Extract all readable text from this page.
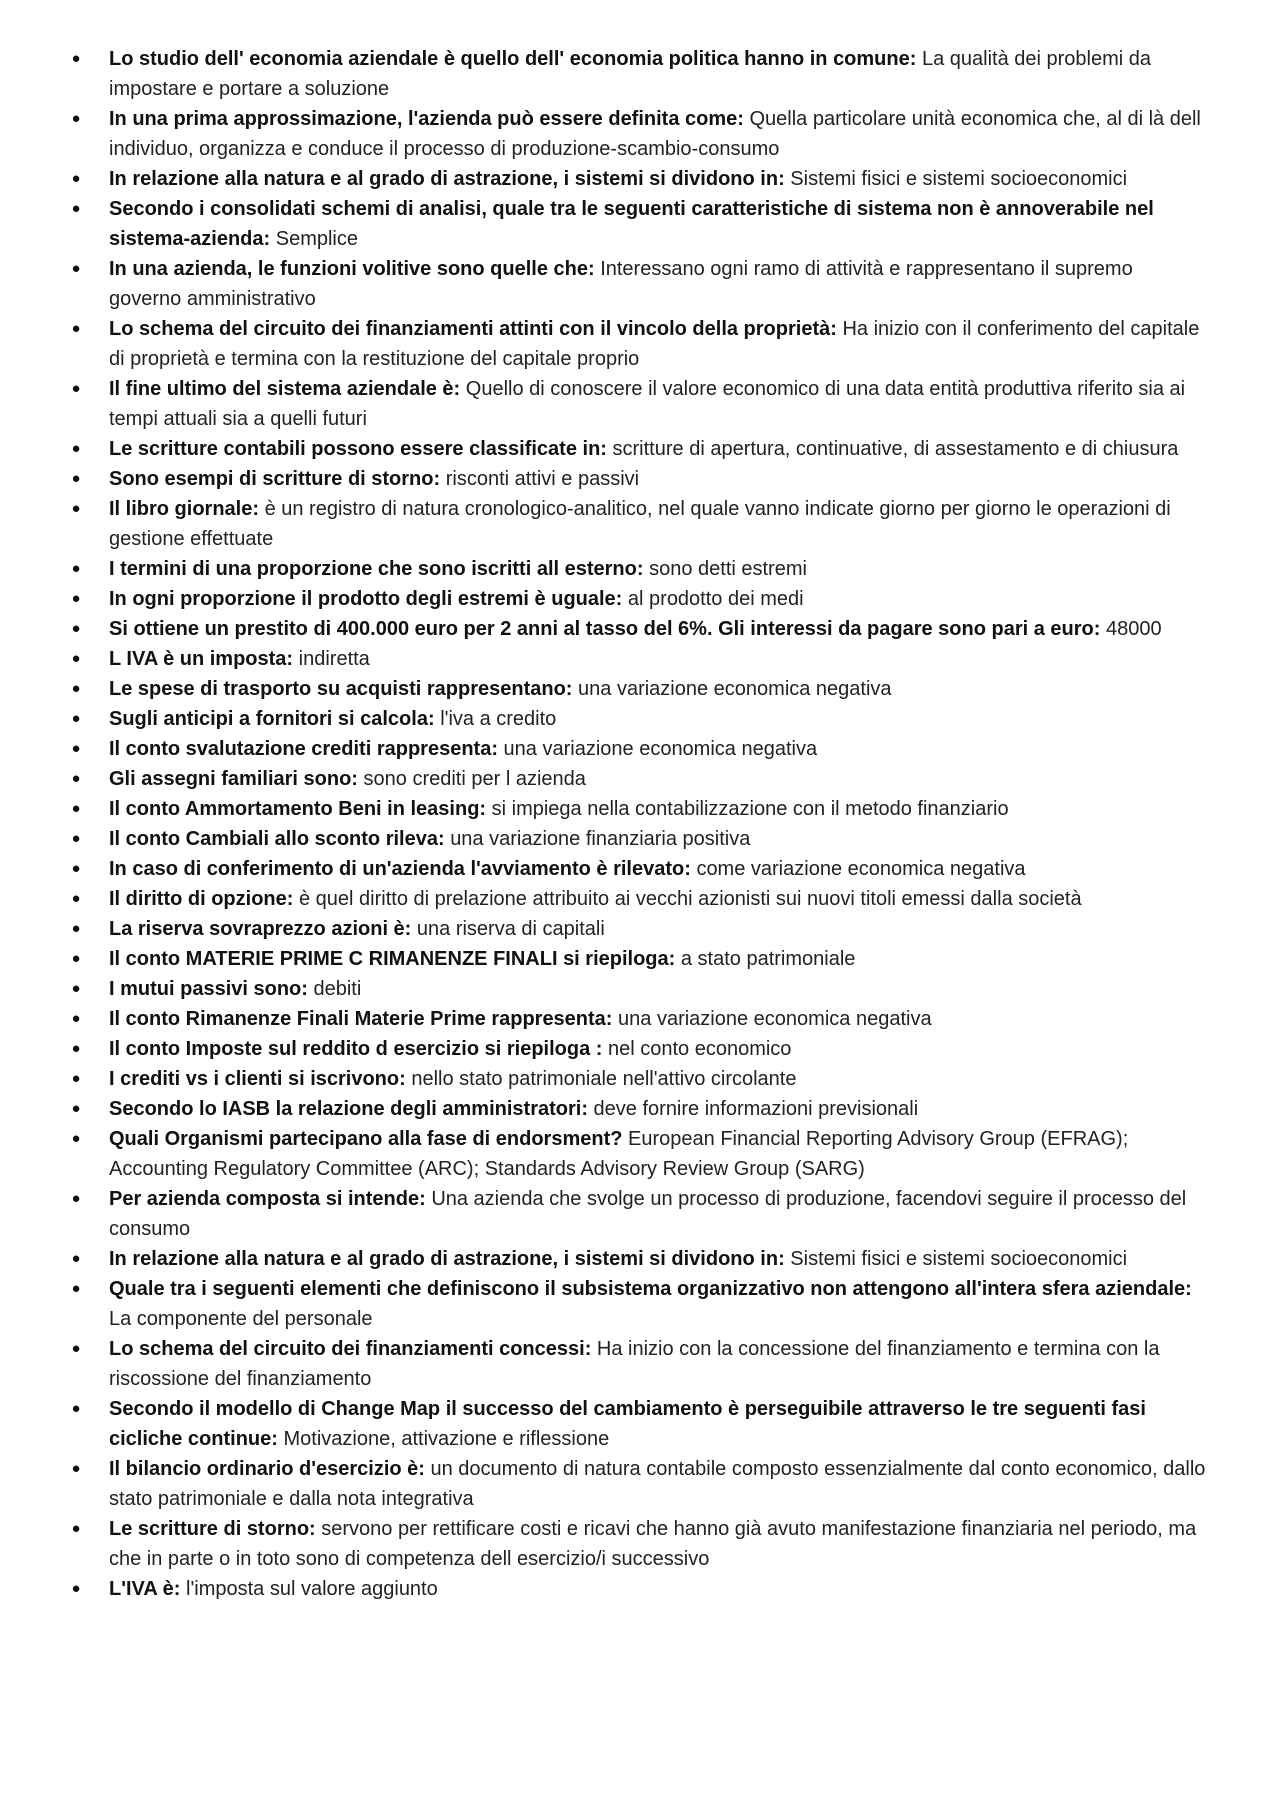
● Lo studio dell' economia aziendale è quello dell' economia politica hanno in comune: La qualità dei problemi da impostare e portare a soluzione
● In una prima approssimazione, l'azienda può essere definita come: Quella particolare unità economica che, al di là dell individuo, organizza e conduce il processo di produzione-scambio-consumo
● In relazione alla natura e al grado di astrazione, i sistemi si dividono in: Sistemi fisici e sistemi socioeconomici
● Secondo i consolidati schemi di analisi, quale tra le seguenti caratteristiche di sistema non è annoverabile nel sistema-azienda: Semplice
● In una azienda, le funzioni volitive sono quelle che: Interessano ogni ramo di attività e rappresentano il supremo governo amministrativo
● Lo schema del circuito dei finanziamenti attinti con il vincolo della proprietà: Ha inizio con il conferimento del capitale di proprietà e termina con la restituzione del capitale proprio
● Il fine ultimo del sistema aziendale è: Quello di conoscere il valore economico di una data entità produttiva riferito sia ai tempi attuali sia a quelli futuri
● Le scritture contabili possono essere classificate in: scritture di apertura, continuative, di assestamento e di chiusura
● Sono esempi di scritture di storno: risconti attivi e passivi
● Il libro giornale: è un registro di natura cronologico-analitico, nel quale vanno indicate giorno per giorno le operazioni di gestione effettuate
● I termini di una proporzione che sono iscritti all esterno: sono detti estremi
● In ogni proporzione il prodotto degli estremi è uguale: al prodotto dei medi
● Si ottiene un prestito di 400.000 euro per 2 anni al tasso del 6%. Gli interessi da pagare sono pari a euro: 48000
● L IVA è un imposta: indiretta
● Le spese di trasporto su acquisti rappresentano: una variazione economica negativa
● Sugli anticipi a fornitori si calcola: l'iva a credito
● Il conto svalutazione crediti rappresenta: una variazione economica negativa
● Gli assegni familiari sono: sono crediti per l azienda
● Il conto Ammortamento Beni in leasing: si impiega nella contabilizzazione con il metodo finanziario
● Il conto Cambiali allo sconto rileva: una variazione finanziaria positiva
● In caso di conferimento di un'azienda l'avviamento è rilevato: come variazione economica negativa
● Il diritto di opzione: è quel diritto di prelazione attribuito ai vecchi azionisti sui nuovi titoli emessi dalla società
● La riserva sovraprezzo azioni è: una riserva di capitali
● Il conto MATERIE PRIME C RIMANENZE FINALI si riepiloga: a stato patrimoniale
● I mutui passivi sono: debiti
● Il conto Rimanenze Finali Materie Prime rappresenta: una variazione economica negativa
● Il conto Imposte sul reddito d esercizio si riepiloga : nel conto economico
● I crediti vs i clienti si iscrivono: nello stato patrimoniale nell'attivo circolante
● Secondo lo IASB la relazione degli amministratori: deve fornire informazioni previsionali
● Quali Organismi partecipano alla fase di endorsment? European Financial Reporting Advisory Group (EFRAG); Accounting Regulatory Committee (ARC); Standards Advisory Review Group (SARG)
● Per azienda composta si intende: Una azienda che svolge un processo di produzione, facendovi seguire il processo del consumo
● In relazione alla natura e al grado di astrazione, i sistemi si dividono in: Sistemi fisici e sistemi socioeconomici
● Quale tra i seguenti elementi che definiscono il subsistema organizzativo non attengono all'intera sfera aziendale: La componente del personale
● Lo schema del circuito dei finanziamenti concessi: Ha inizio con la concessione del finanziamento e termina con la riscossione del finanziamento
● Secondo il modello di Change Map il successo del cambiamento è perseguibile attraverso le tre seguenti fasi cicliche continue: Motivazione, attivazione e riflessione
● Il bilancio ordinario d'esercizio è: un documento di natura contabile composto essenzialmente dal conto economico, dallo stato patrimoniale e dalla nota integrativa
● Le scritture di storno: servono per rettificare costi e ricavi che hanno già avuto manifestazione finanziaria nel periodo, ma che in parte o in toto sono di competenza dell esercizio/i successivo
● L'IVA è: l'imposta sul valore aggiunto
